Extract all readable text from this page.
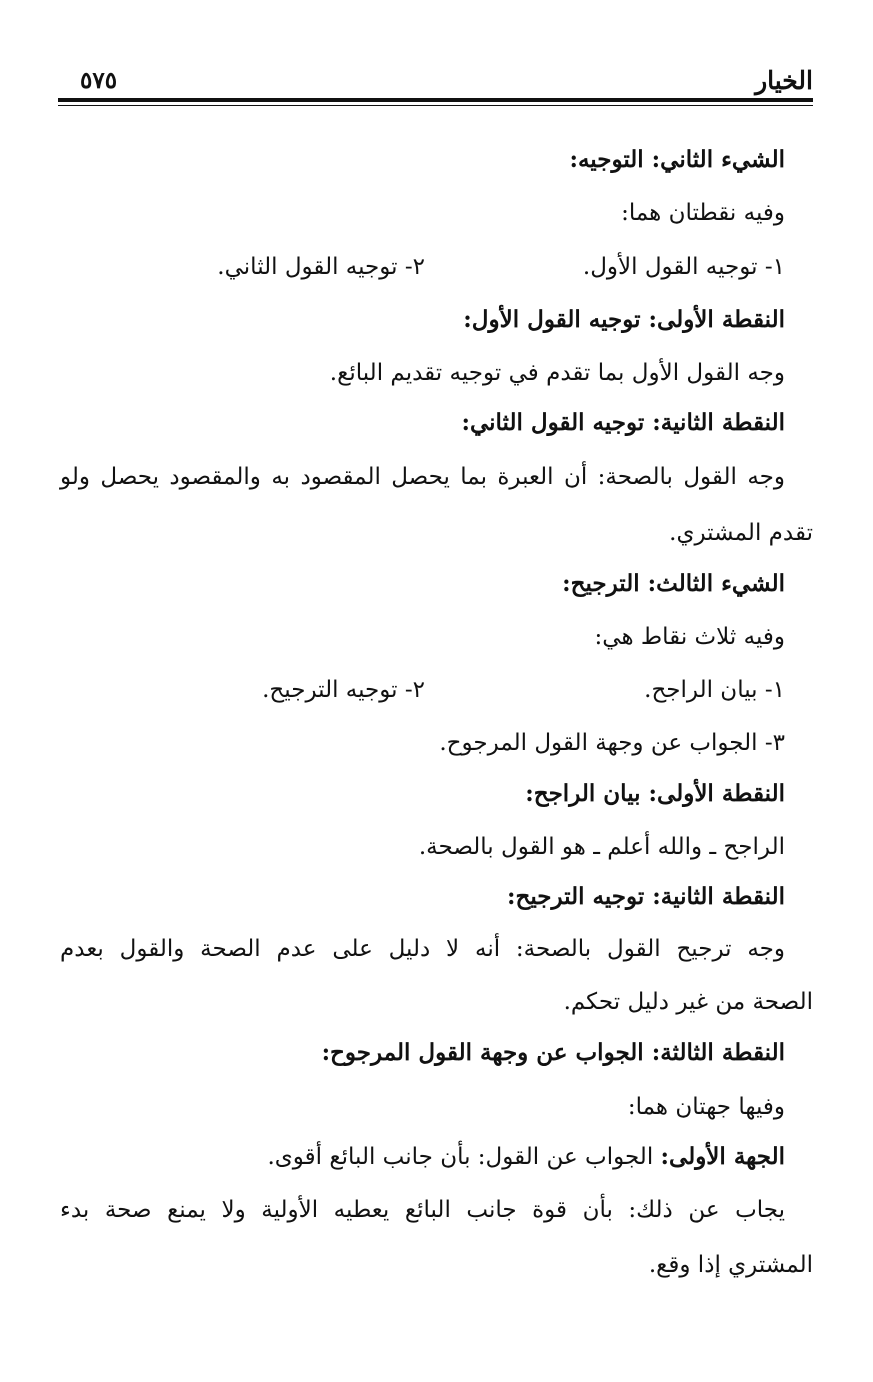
الخيار
٥٧٥
الشيء الثاني: التوجيه:
وفيه نقطتان هما:
١- توجيه القول الأول.
٢- توجيه القول الثاني.
النقطة الأولى: توجيه القول الأول:
وجه القول الأول بما تقدم في توجيه تقديم البائع.
النقطة الثانية: توجيه القول الثاني:
وجه القول بالصحة: أن العبرة بما يحصل المقصود به والمقصود يحصل ولو
تقدم المشتري.
الشيء الثالث: الترجيح:
وفيه ثلاث نقاط هي:
١- بيان الراجح.
٢- توجيه الترجيح.
٣- الجواب عن وجهة القول المرجوح.
النقطة الأولى: بيان الراجح:
الراجح ـ والله أعلم ـ هو القول بالصحة.
النقطة الثانية: توجيه الترجيح:
وجه ترجيح القول بالصحة: أنه لا دليل على عدم الصحة والقول بعدم
الصحة من غير دليل تحكم.
النقطة الثالثة: الجواب عن وجهة القول المرجوح:
وفيها جهتان هما:
الجهة الأولى: الجواب عن القول: بأن جانب البائع أقوى.
يجاب عن ذلك: بأن قوة جانب البائع يعطيه الأولية ولا يمنع صحة بدء
المشتري إذا وقع.
